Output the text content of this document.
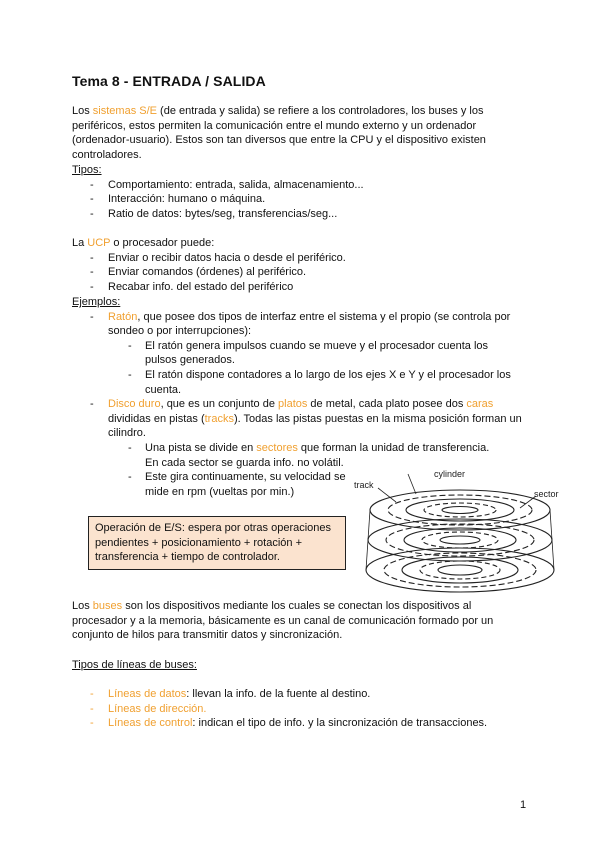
Tema 8 - ENTRADA / SALIDA
Los sistemas S/E (de entrada y salida) se refiere a los controladores, los buses y los periféricos, estos permiten la comunicación entre el mundo externo y un ordenador (ordenador-usuario). Estos son tan diversos que entre la CPU y el dispositivo existen controladores.
Tipos:
- Comportamiento: entrada, salida, almacenamiento...
- Interacción: humano o máquina.
- Ratio de datos: bytes/seg, transferencias/seg...
La UCP o procesador puede:
- Enviar o recibir datos hacia o desde el periférico.
- Enviar comandos (órdenes) al periférico.
- Recabar info. del estado del periférico
Ejemplos:
- Ratón, que posee dos tipos de interfaz entre el sistema y el propio (se controla por sondeo o por interrupciones):
- El ratón genera impulsos cuando se mueve y el procesador cuenta los pulsos generados.
- El ratón dispone contadores a lo largo de los ejes X e Y y el procesador los cuenta.
- Disco duro, que es un conjunto de platos de metal, cada plato posee dos caras divididas en pistas (tracks). Todas las pistas puestas en la misma posición forman un cilindro.
- Una pista se divide en sectores que forman la unidad de transferencia. En cada sector se guarda info. no volátil.
- Este gira continuamente, su velocidad se
mide en rpm (vueltas por min.)
Operación de E/S: espera por otras operaciones pendientes + posicionamiento + rotación + transferencia + tiempo de controlador.
cylinder
track
sector
Los buses son los dispositivos mediante los cuales se conectan los dispositivos al procesador y a la memoria, básicamente es un canal de comunicación formado por un conjunto de hilos para transmitir datos y sincronización.
Tipos de líneas de buses:
- Líneas de datos: llevan la info. de la fuente al destino.
- Líneas de dirección.
- Líneas de control: indican el tipo de info. y la sincronización de transacciones.
1
